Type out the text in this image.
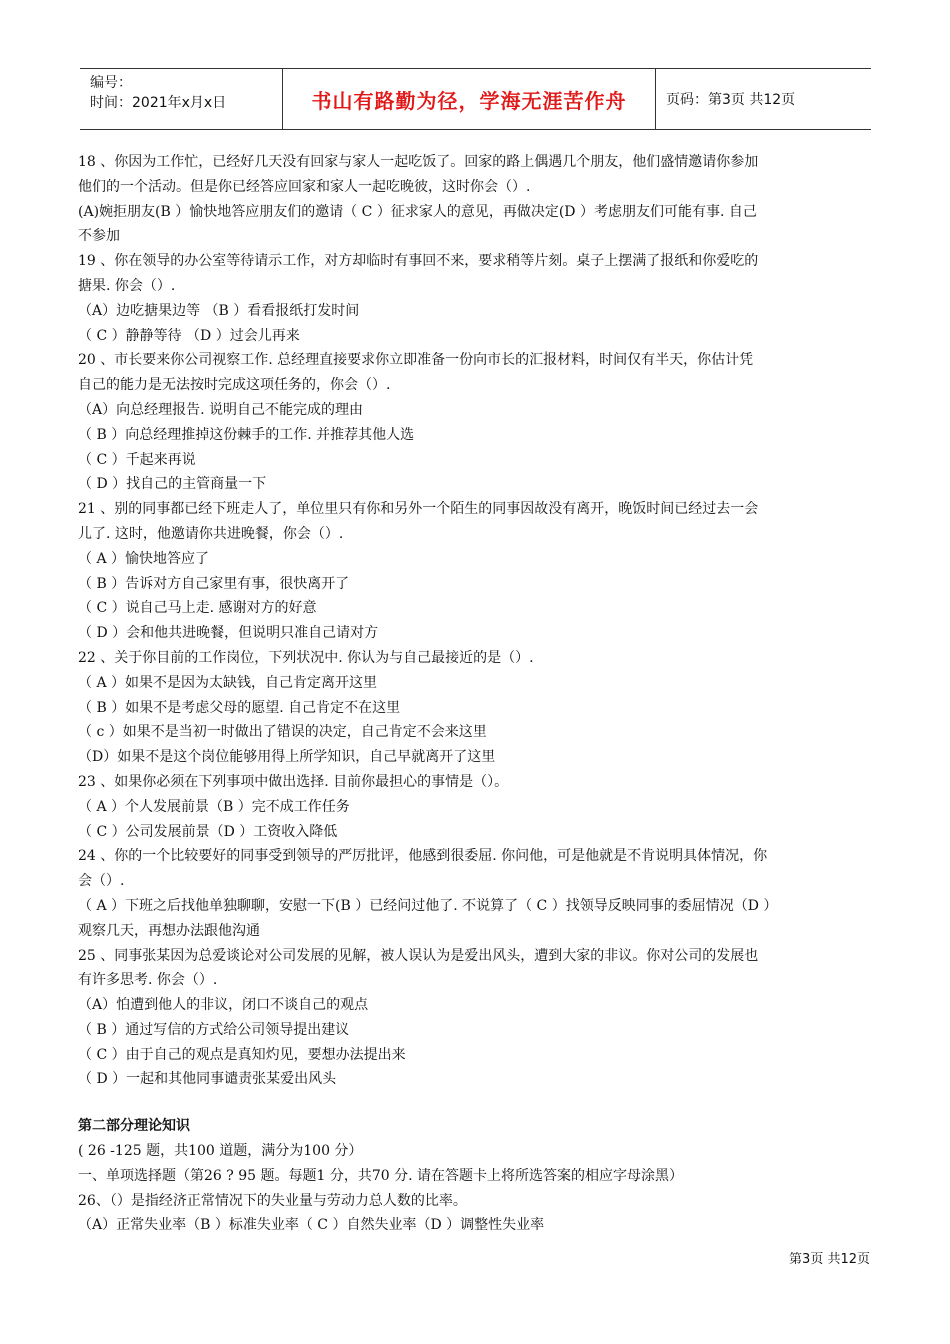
编号：
时间：2021年x月x日	书山有路勤为径，学海无涯苦作舟	页码：第3页 共12页

18 、你因为工作忙，已经好几天没有回家与家人一起吃饭了。回家的路上偶遇几个朋友，他们盛情邀请你参加

他们的一个活动。但是你已经答应回家和家人一起吃晚彼，这时你会（）.

(A)婉拒朋友(B ）愉快地答应朋友们的邀请（ C ）征求家人的意见，再做决定(D ）考虑朋友们可能有事. 自己

不参加

19 、你在领导的办公室等待请示工作，对方却临时有事回不来，要求稍等片刻。桌子上摆满了报纸和你爱吃的

搪果. 你会（）.

（A）边吃搪果边等 （B ）看看报纸打发时间

（ C ）静静等待 （D ）过会儿再来

20 、市长要来你公司视察工作. 总经理直接要求你立即准备一份向市长的汇报材料，时间仅有半天，你估计凭

自己的能力是无法按时完成这项任务的，你会（）.

（A）向总经理报告. 说明自己不能完成的理由

（ B ）向总经理推掉这份棘手的工作. 并推荐其他人选

（ C ）千起来再说

（ D ）找自己的主管商量一下

21 、别的同事都已经下班走人了，单位里只有你和另外一个陌生的同事因故没有离开，晚饭时间已经过去一会

儿了. 这时，他邀请你共进晚餐，你会（）.

（ A ）愉快地答应了

（ B ）告诉对方自己家里有事，很快离开了

（ C ）说自己马上走. 感谢对方的好意

（ D ）会和他共进晚餐，但说明只准自己请对方

22 、关于你目前的工作岗位，下列状况中. 你认为与自己最接近的是（）.

（ A ）如果不是因为太缺钱，自己肯定离开这里

（ B ）如果不是考虑父母的愿望. 自己肯定不在这里

（ c ）如果不是当初一时做出了错误的决定，自己肯定不会来这里

（D）如果不是这个岗位能够用得上所学知识，自己早就离开了这里

23 、如果你必须在下列事项中做出选择. 目前你最担心的事情是（）。

（ A ）个人发展前景（B ）完不成工作任务

（ C ）公司发展前景（D ）工资收入降低

24 、你的一个比较要好的同事受到领导的严厉批评，他感到很委屈. 你问他，可是他就是不肯说明具体情况，你

会（）.

（ A ）下班之后找他单独聊聊，安慰一下(B ）已经问过他了. 不说算了（ C ）找领导反映同事的委屈情况（D ）

观察几天，再想办法跟他沟通

25 、同事张某因为总爱谈论对公司发展的见解，被人误认为是爱出风头，遭到大家的非议。你对公司的发展也

有许多思考. 你会（）.

（A）怕遭到他人的非议，闭口不谈自己的观点

（ B ）通过写信的方式给公司领导提出建议

（ C ）由于自己的观点是真知灼见，要想办法提出来

（ D ）一起和其他同事谴责张某爱出风头

第二部分理论知识

( 26 -125 题，共100 道题，满分为100 分）

一、单项选择题（第26 ? 95 题。每题1 分，共70 分. 请在答题卡上将所选答案的相应字母涂黑）

26、（）是指经济正常情况下的失业量与劳动力总人数的比率。

（A）正常失业率（B ）标准失业率（ C ）自然失业率（D ）调整性失业率

第3页 共12页
